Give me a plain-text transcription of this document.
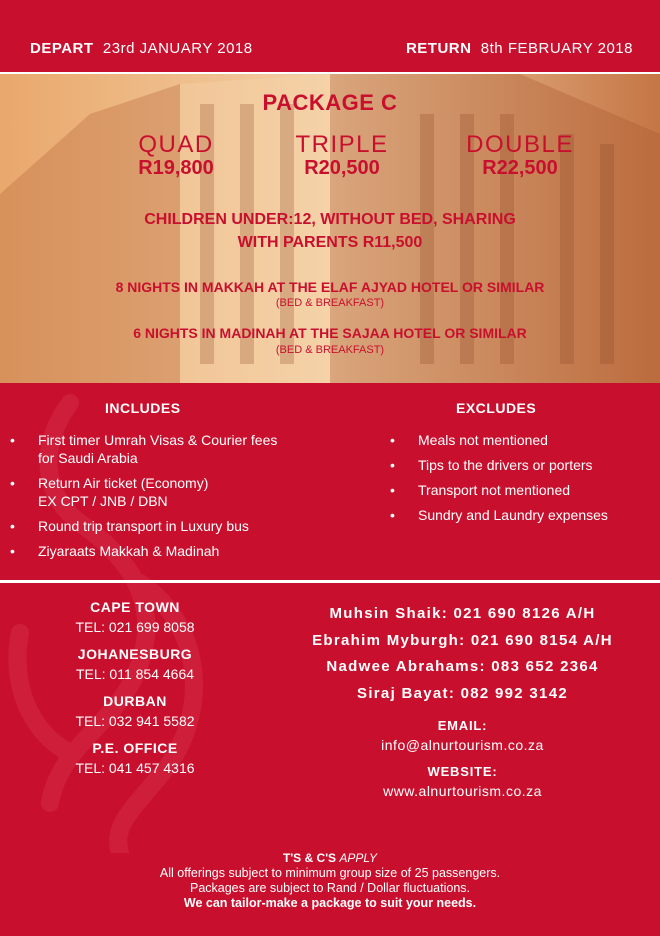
DEPART 23rd JANUARY 2018	RETURN 8th FEBRUARY 2018
PACKAGE C
QUAD
R19,800
TRIPLE
R20,500
DOUBLE
R22,500
CHILDREN UNDER:12, WITHOUT BED, SHARING
WITH PARENTS R11,500
8 NIGHTS IN MAKKAH AT THE ELAF AJYAD HOTEL OR SIMILAR
(BED & BREAKFAST)
6 NIGHTS IN MADINAH AT THE SAJAA HOTEL OR SIMILAR
(BED & BREAKFAST)
INCLUDES
• First timer Umrah Visas & Courier fees
for Saudi Arabia
• Return Air ticket (Economy)
EX CPT / JNB / DBN
• Round trip transport in Luxury bus
• Ziyaraats Makkah & Madinah
EXCLUDES
• Meals not mentioned
• Tips to the drivers or porters
• Transport not mentioned
• Sundry and Laundry expenses
CAPE TOWN
TEL: 021 699 8058
JOHANESBURG
TEL: 011 854 4664
DURBAN
TEL: 032 941 5582
P.E. OFFICE
TEL: 041 457 4316
Muhsin Shaik: 021 690 8126 A/H
Ebrahim Myburgh: 021 690 8154 A/H
Nadwee Abrahams: 083 652 2364
Siraj Bayat: 082 992 3142
EMAIL:
info@alnurtourism.co.za
WEBSITE:
www.alnurtourism.co.za
T'S & C'S APPLY
All offerings subject to minimum group size of 25 passengers.
Packages are subject to Rand / Dollar fluctuations.
We can tailor-make a package to suit your needs.
